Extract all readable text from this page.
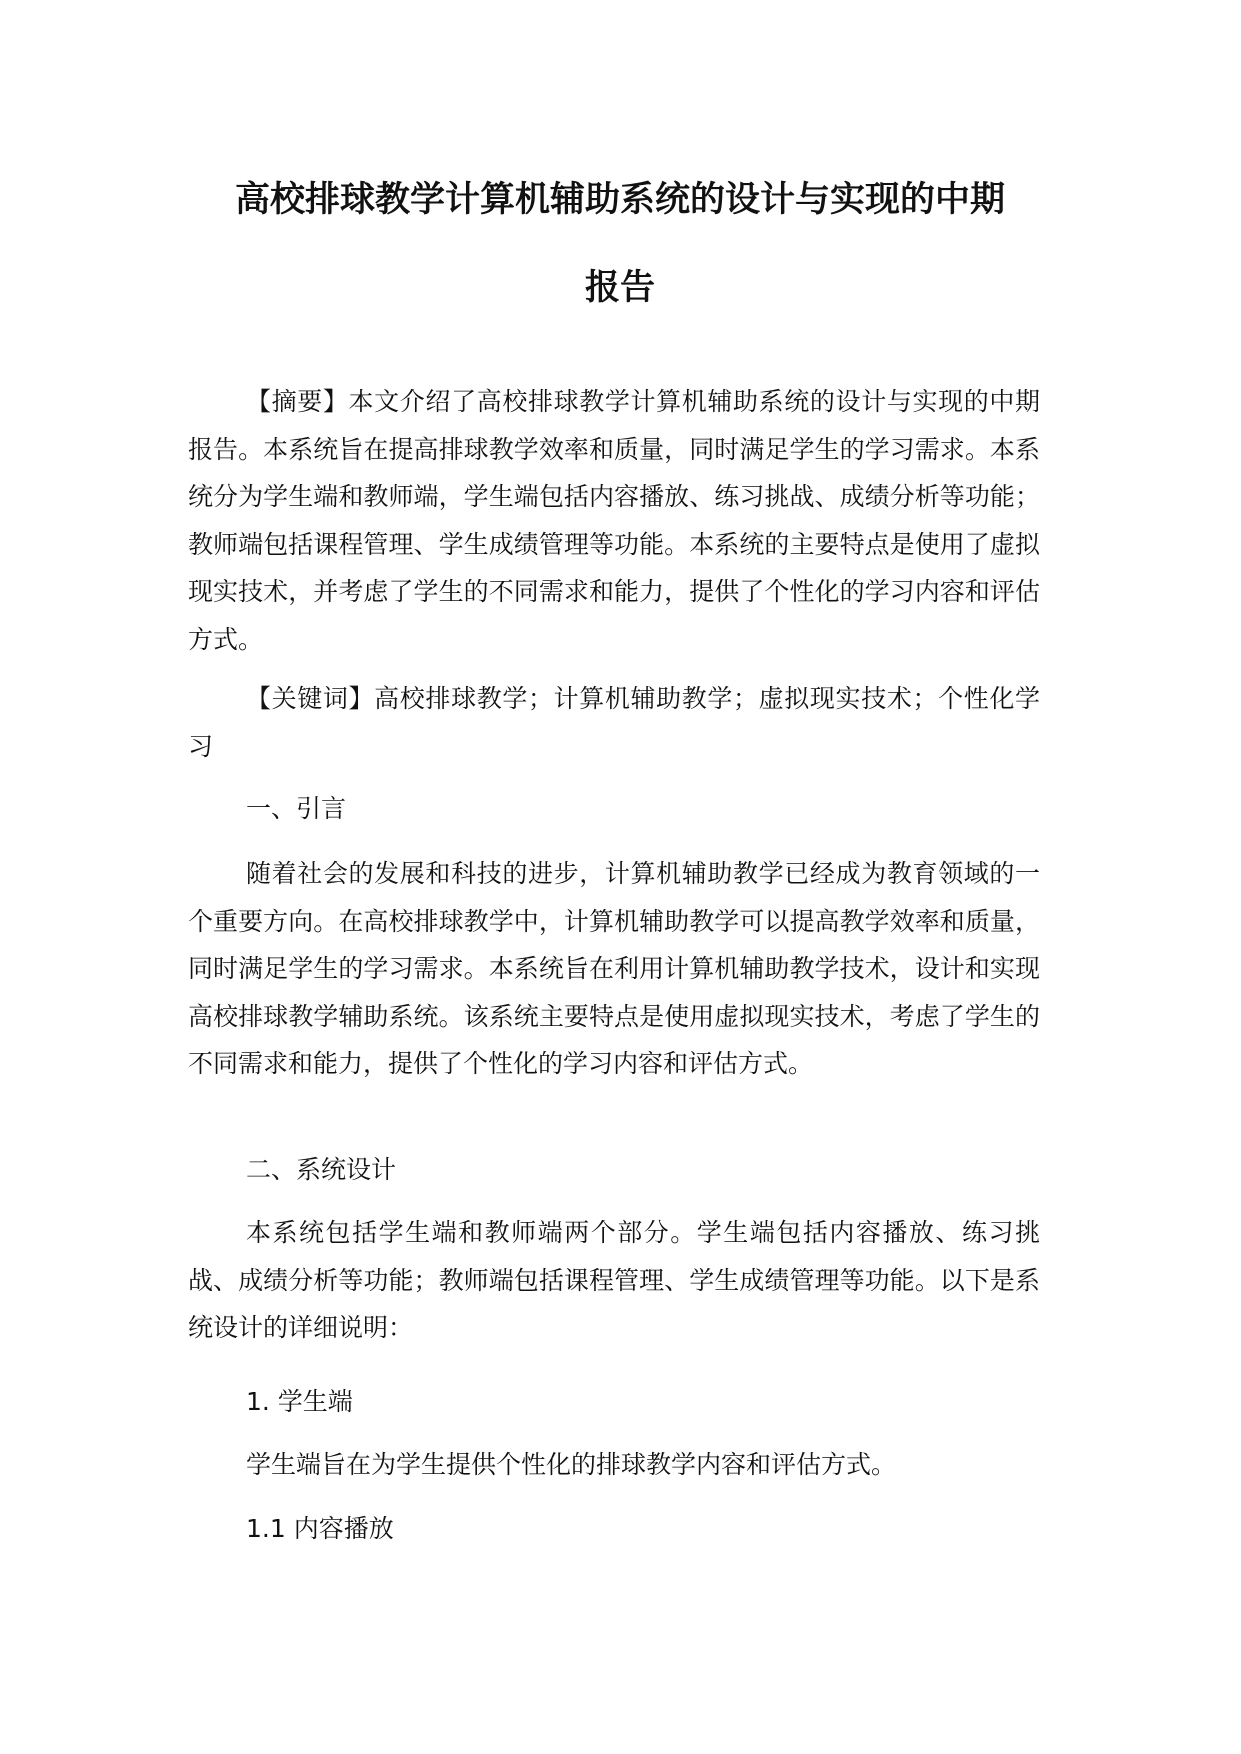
高校排球教学计算机辅助系统的设计与实现的中期
报告

【摘要】本文介绍了高校排球教学计算机辅助系统的设计与实现的中期报告。本系统旨在提高排球教学效率和质量，同时满足学生的学习需求。本系统分为学生端和教师端，学生端包括内容播放、练习挑战、成绩分析等功能；教师端包括课程管理、学生成绩管理等功能。本系统的主要特点是使用了虚拟现实技术，并考虑了学生的不同需求和能力，提供了个性化的学习内容和评估方式。

【关键词】高校排球教学；计算机辅助教学；虚拟现实技术；个性化学习

一、引言

随着社会的发展和科技的进步，计算机辅助教学已经成为教育领域的一个重要方向。在高校排球教学中，计算机辅助教学可以提高教学效率和质量，同时满足学生的学习需求。本系统旨在利用计算机辅助教学技术，设计和实现高校排球教学辅助系统。该系统主要特点是使用虚拟现实技术，考虑了学生的不同需求和能力，提供了个性化的学习内容和评估方式。

二、系统设计

本系统包括学生端和教师端两个部分。学生端包括内容播放、练习挑战、成绩分析等功能；教师端包括课程管理、学生成绩管理等功能。以下是系统设计的详细说明：

1. 学生端

学生端旨在为学生提供个性化的排球教学内容和评估方式。

1.1 内容播放
